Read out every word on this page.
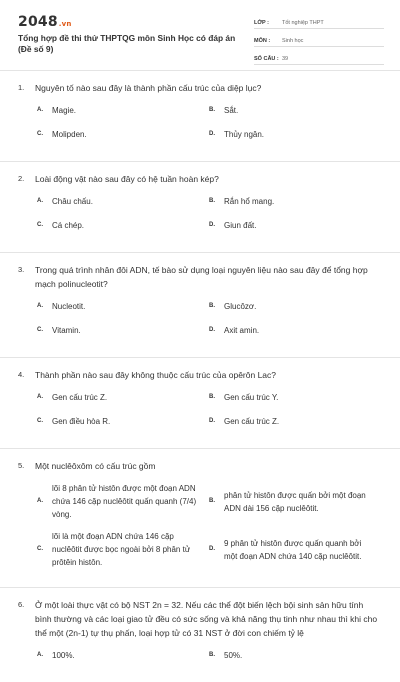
2048.vn
Tổng hợp đề thi thử THPTQG môn Sinh Học có đáp án (Đề số 9)
LỚP :	Tốt nghiệp THPT
MÔN :	Sinh học
SỐ CÂU : 39
1.	Nguyên tố nào sau đây là thành phần cấu trúc của diệp lục?
A.	Magie.	B.	Sắt.
C.	Molipden.	D.	Thủy ngân.
2.	Loài động vật nào sau đây có hệ tuần hoàn kép?
A.	Châu chấu.	B.	Rắn hổ mang.
C.	Cá chép.	D.	Giun đất.
3.	Trong quá trình nhân đôi ADN, tế bào sử dụng loại nguyên liệu nào sau đây để tổng hợp mạch polinucleotit?
A.	Nucleotit.	B.	Glucôzơ.
C.	Vitamin.	D.	Axit amin.
4.	Thành phần nào sau đây không thuộc cấu trúc của opêrôn Lac?
A.	Gen cấu trúc Z.	B.	Gen cấu trúc Y.
C.	Gen điều hòa R.	D.	Gen cấu trúc Z.
5.	Một nuclêôxôm có cấu trúc gồm
A.
lõi 8 phân tử histôn được một đoạn ADN chứa 146 cặp nuclêôtit quấn quanh (7/4) vòng.
B.
phân tử histôn được quấn bởi một đoạn ADN dài 156 cặp nuclêôtit.
C.
lõi là một đoạn ADN chứa 146 cặp nuclêôtit được bọc ngoài bởi 8 phân tử prôtêin histôn.
D.
9 phân tử histôn được quấn quanh bởi một đoạn ADN chứa 140 cặp nuclêôtit.
6.	Ở một loài thực vật có bộ NST 2n = 32. Nếu các thể đột biến lệch bội sinh sản hữu tính bình thường và các loại giao tử đều có sức sống và khả năng thụ tinh như nhau thì khi cho thể một (2n-1) tự thụ phấn, loại hợp tử có 31 NST ở đời con chiếm tỷ lệ
A.	100%.	B.	50%.
